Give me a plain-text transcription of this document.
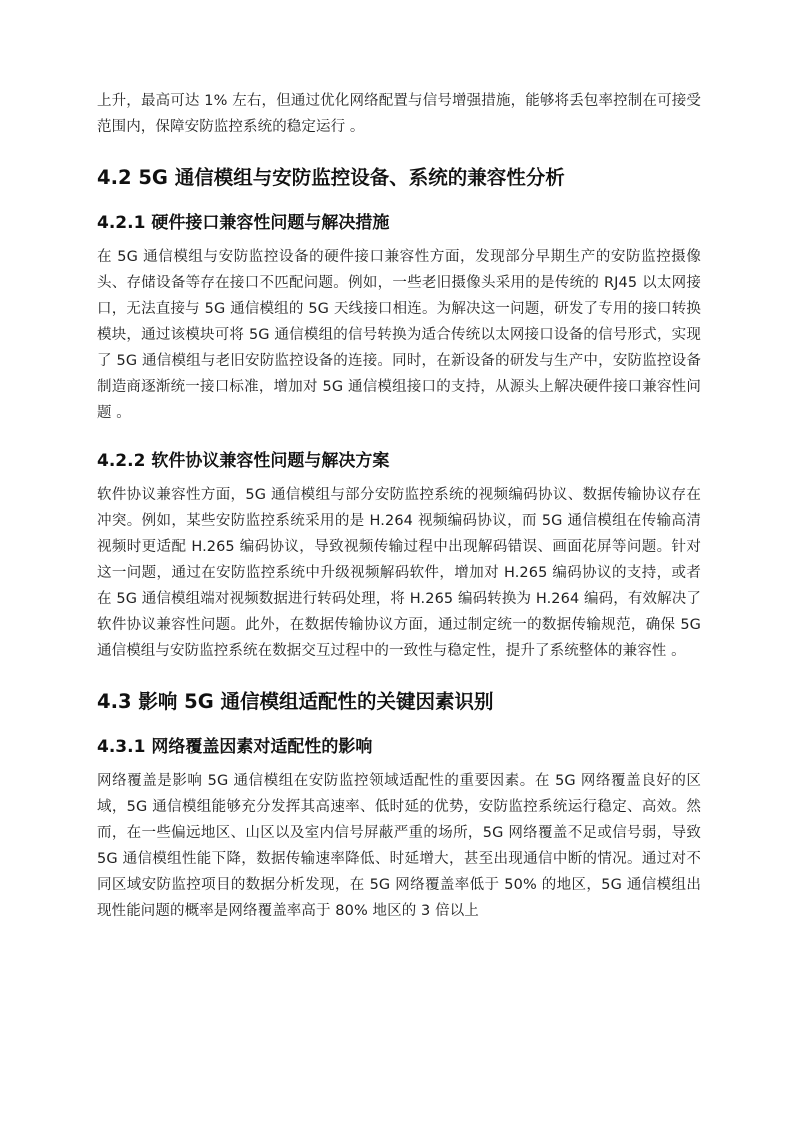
上升，最高可达 1% 左右，但通过优化网络配置与信号增强措施，能够将丢包率控制在可接受范围内，保障安防监控系统的稳定运行 。

4.2 5G 通信模组与安防监控设备、系统的兼容性分析
4.2.1 硬件接口兼容性问题与解决措施

在 5G 通信模组与安防监控设备的硬件接口兼容性方面，发现部分早期生产的安防监控摄像头、存储设备等存在接口不匹配问题。例如，一些老旧摄像头采用的是传统的 RJ45 以太网接口，无法直接与 5G 通信模组的 5G 天线接口相连。为解决这一问题，研发了专用的接口转换模块，通过该模块可将 5G 通信模组的信号转换为适合传统以太网接口设备的信号形式，实现了 5G 通信模组与老旧安防监控设备的连接。同时，在新设备的研发与生产中，安防监控设备制造商逐渐统一接口标准，增加对 5G 通信模组接口的支持，从源头上解决硬件接口兼容性问题 。

4.2.2 软件协议兼容性问题与解决方案

软件协议兼容性方面，5G 通信模组与部分安防监控系统的视频编码协议、数据传输协议存在冲突。例如，某些安防监控系统采用的是 H.264 视频编码协议，而 5G 通信模组在传输高清视频时更适配 H.265 编码协议，导致视频传输过程中出现解码错误、画面花屏等问题。针对这一问题，通过在安防监控系统中升级视频解码软件，增加对 H.265 编码协议的支持，或者在 5G 通信模组端对视频数据进行转码处理，将 H.265 编码转换为 H.264 编码，有效解决了软件协议兼容性问题。此外，在数据传输协议方面，通过制定统一的数据传输规范，确保 5G 通信模组与安防监控系统在数据交互过程中的一致性与稳定性，提升了系统整体的兼容性 。

4.3 影响 5G 通信模组适配性的关键因素识别
4.3.1 网络覆盖因素对适配性的影响

网络覆盖是影响 5G 通信模组在安防监控领域适配性的重要因素。在 5G 网络覆盖良好的区域，5G 通信模组能够充分发挥其高速率、低时延的优势，安防监控系统运行稳定、高效。然而，在一些偏远地区、山区以及室内信号屏蔽严重的场所，5G 网络覆盖不足或信号弱，导致 5G 通信模组性能下降，数据传输速率降低、时延增大，甚至出现通信中断的情况。通过对不同区域安防监控项目的数据分析发现，在 5G 网络覆盖率低于 50% 的地区，5G 通信模组出现性能问题的概率是网络覆盖率高于 80% 地区的 3 倍以上
